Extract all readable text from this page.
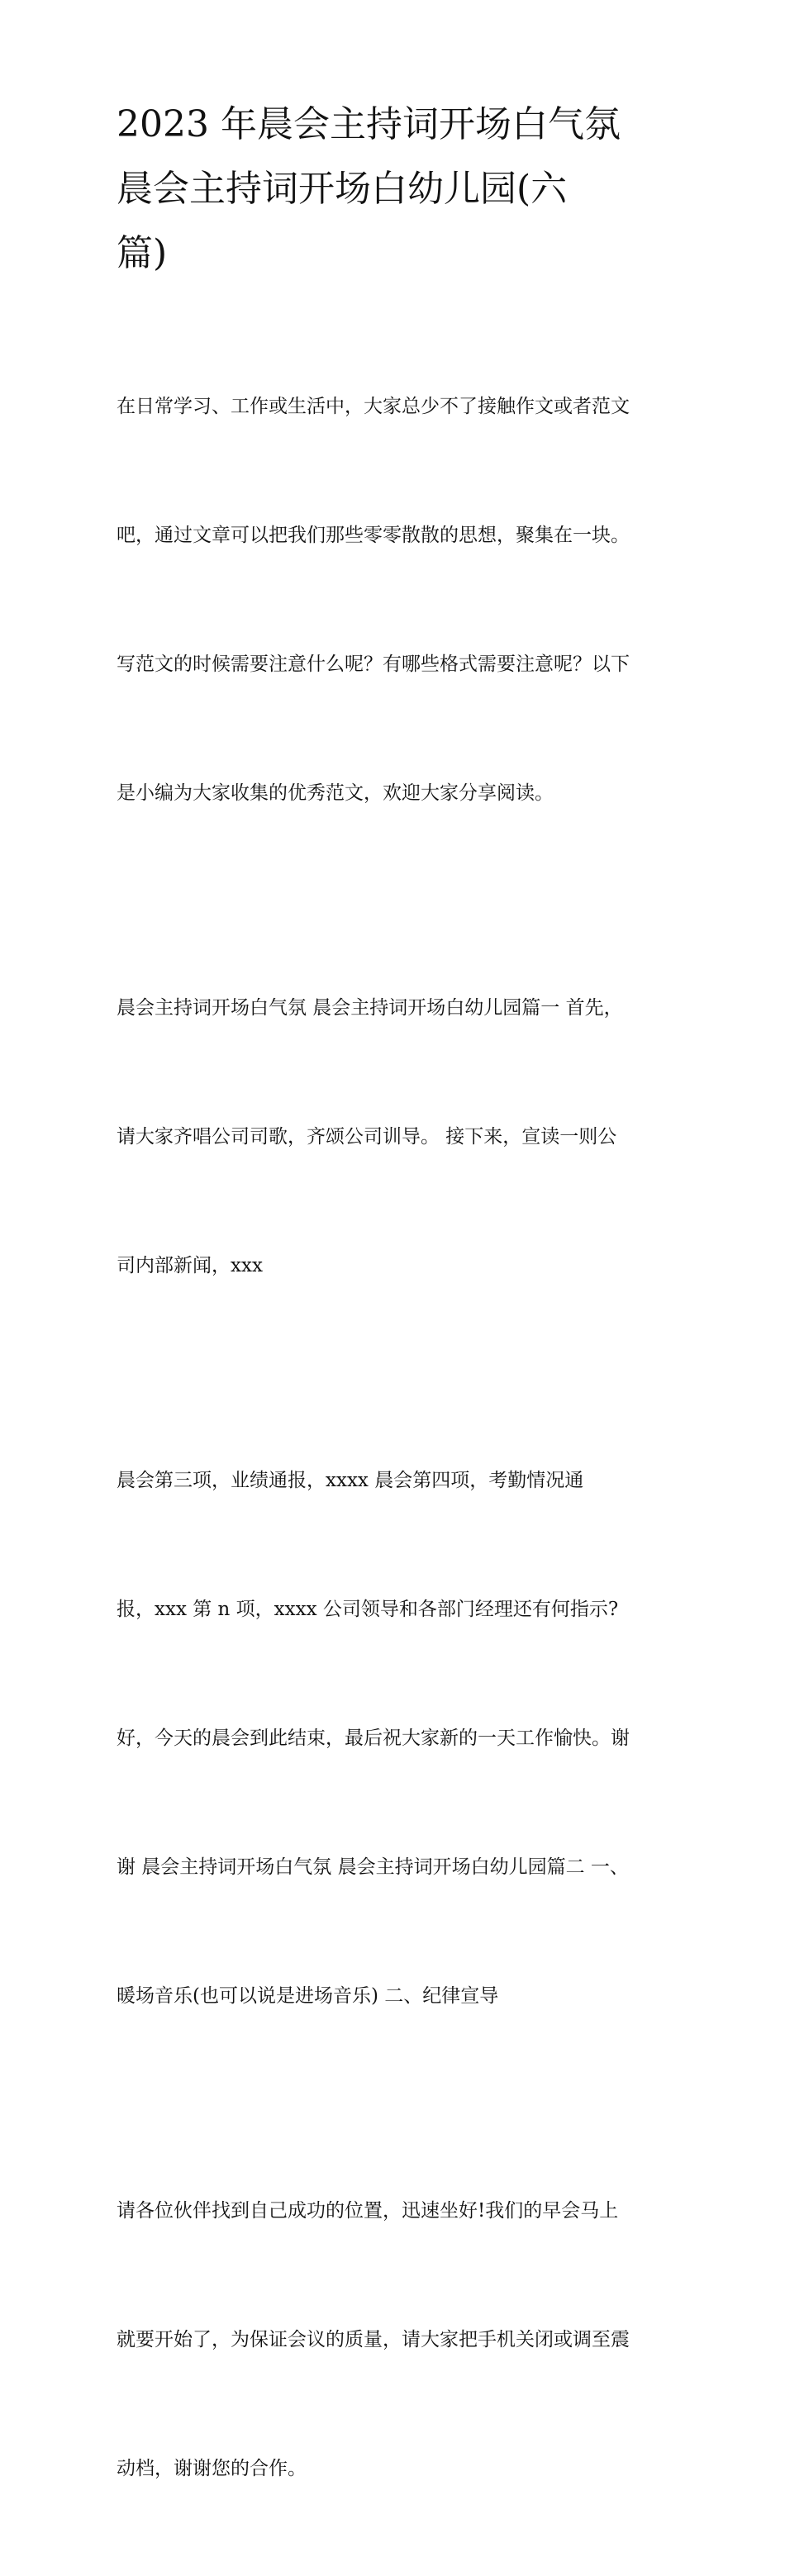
2023 年晨会主持词开场白气氛
晨会主持词开场白幼儿园(六
篇)

在日常学习、工作或生活中，大家总少不了接触作文或者范文

吧，通过文章可以把我们那些零零散散的思想，聚集在一块。

写范文的时候需要注意什么呢？有哪些格式需要注意呢？以下

是小编为大家收集的优秀范文，欢迎大家分享阅读。

晨会主持词开场白气氛 晨会主持词开场白幼儿园篇一 首先，

请大家齐唱公司司歌，齐颂公司训导。 接下来，宣读一则公

司内部新闻，xxx

晨会第三项，业绩通报，xxxx 晨会第四项，考勤情况通

报，xxx 第 n 项，xxxx 公司领导和各部门经理还有何指示?

好，今天的晨会到此结束，最后祝大家新的一天工作愉快。谢

谢 晨会主持词开场白气氛 晨会主持词开场白幼儿园篇二 一、

暖场音乐(也可以说是进场音乐) 二、纪律宣导

请各位伙伴找到自己成功的位置，迅速坐好!我们的早会马上

就要开始了，为保证会议的质量，请大家把手机关闭或调至震

动档，谢谢您的合作。
